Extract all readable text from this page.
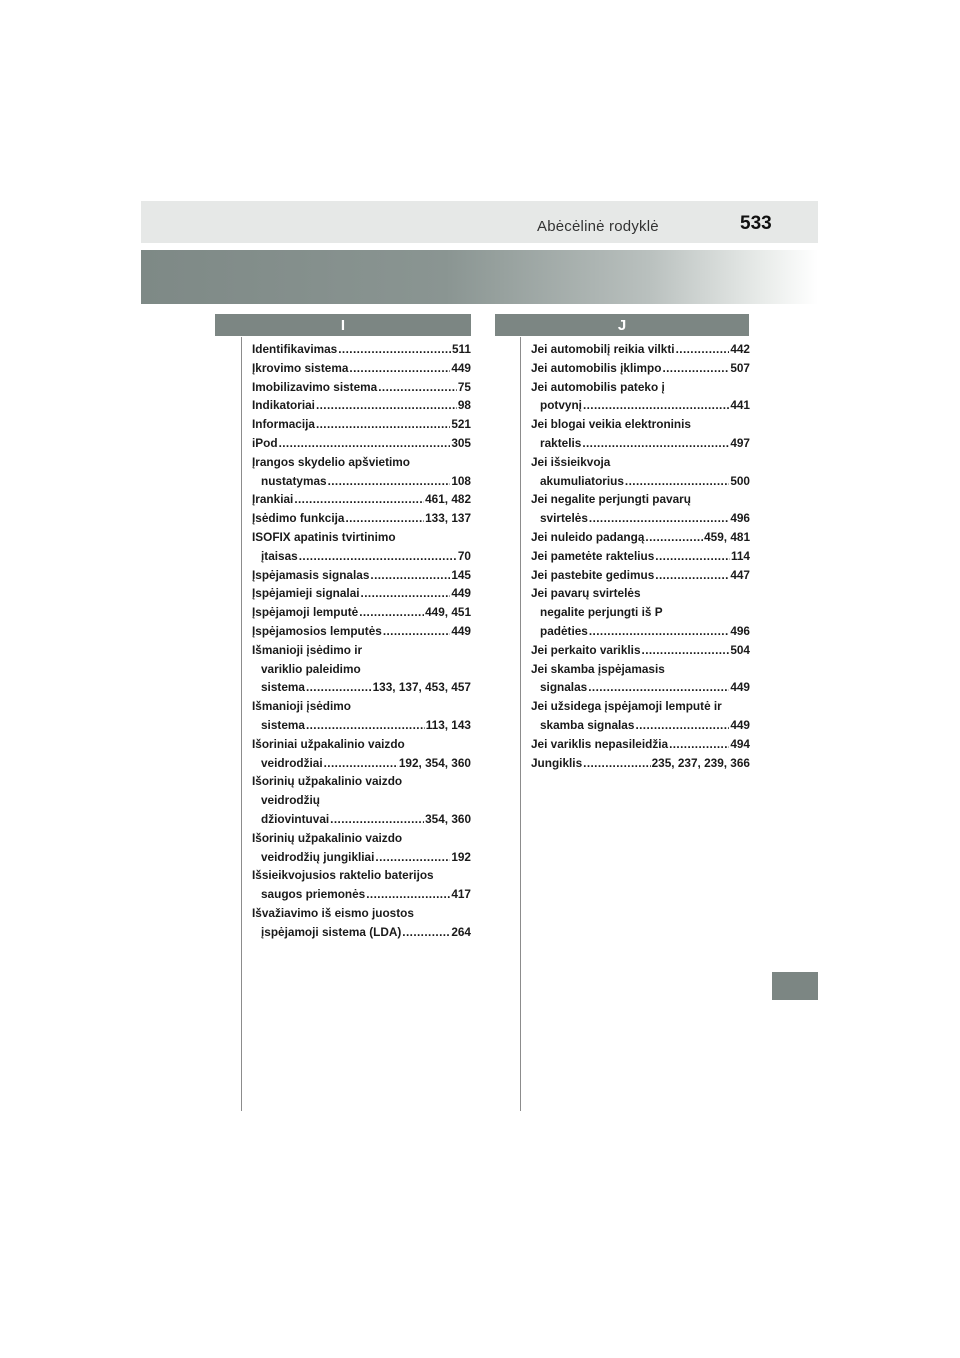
Abėcėlinė rodyklė	533
I	J
Identifikavimas .....	511
Įkrovimo sistema .....	449
Imobilizavimo sistema .....	75
Indikatoriai .....	98
Informacija .....	521
iPod .....	305
Įrangos skydelio apšvietimo
nustatymas .....	108
Įrankiai .....	461, 482
Įsėdimo funkcija .....	133, 137
ISOFIX apatinis tvirtinimo
įtaisas .....	70
Įspėjamasis signalas .....	145
Įspėjamieji signalai .....	449
Įspėjamoji lemputė .....	449, 451
Įspėjamosios lemputės .....	449
Išmanioji įsėdimo ir
variklio paleidimo
sistema .....	133, 137, 453, 457
Išmanioji įsėdimo
sistema .....	113, 143
Išoriniai užpakalinio vaizdo
veidrodžiai .....	192, 354, 360
Išorinių užpakalinio vaizdo
veidrodžių
džiovintuvai .....	354, 360
Išorinių užpakalinio vaizdo
veidrodžių jungikliai .....	192
Išsieikvojusios raktelio baterijos
saugos priemonės .....	417
Išvažiavimo iš eismo juostos
įspėjamoji sistema (LDA) .....	264
Jei automobilį reikia vilkti .....	442
Jei automobilis įklimpo .....	507
Jei automobilis pateko į
potvynį .....	441
Jei blogai veikia elektroninis
raktelis .....	497
Jei išsieikvoja
akumuliatorius .....	500
Jei negalite perjungti pavarų
svirtelės .....	496
Jei nuleido padangą .....	459, 481
Jei pametėte raktelius .....	114
Jei pastebite gedimus .....	447
Jei pavarų svirtelės
negalite perjungti iš P
padėties .....	496
Jei perkaito variklis .....	504
Jei skamba įspėjamasis
signalas .....	449
Jei užsidega įspėjamoji lemputė ir
skamba signalas .....	449
Jei variklis nepasileidžia .....	494
Jungiklis .....	235, 237, 239, 366
